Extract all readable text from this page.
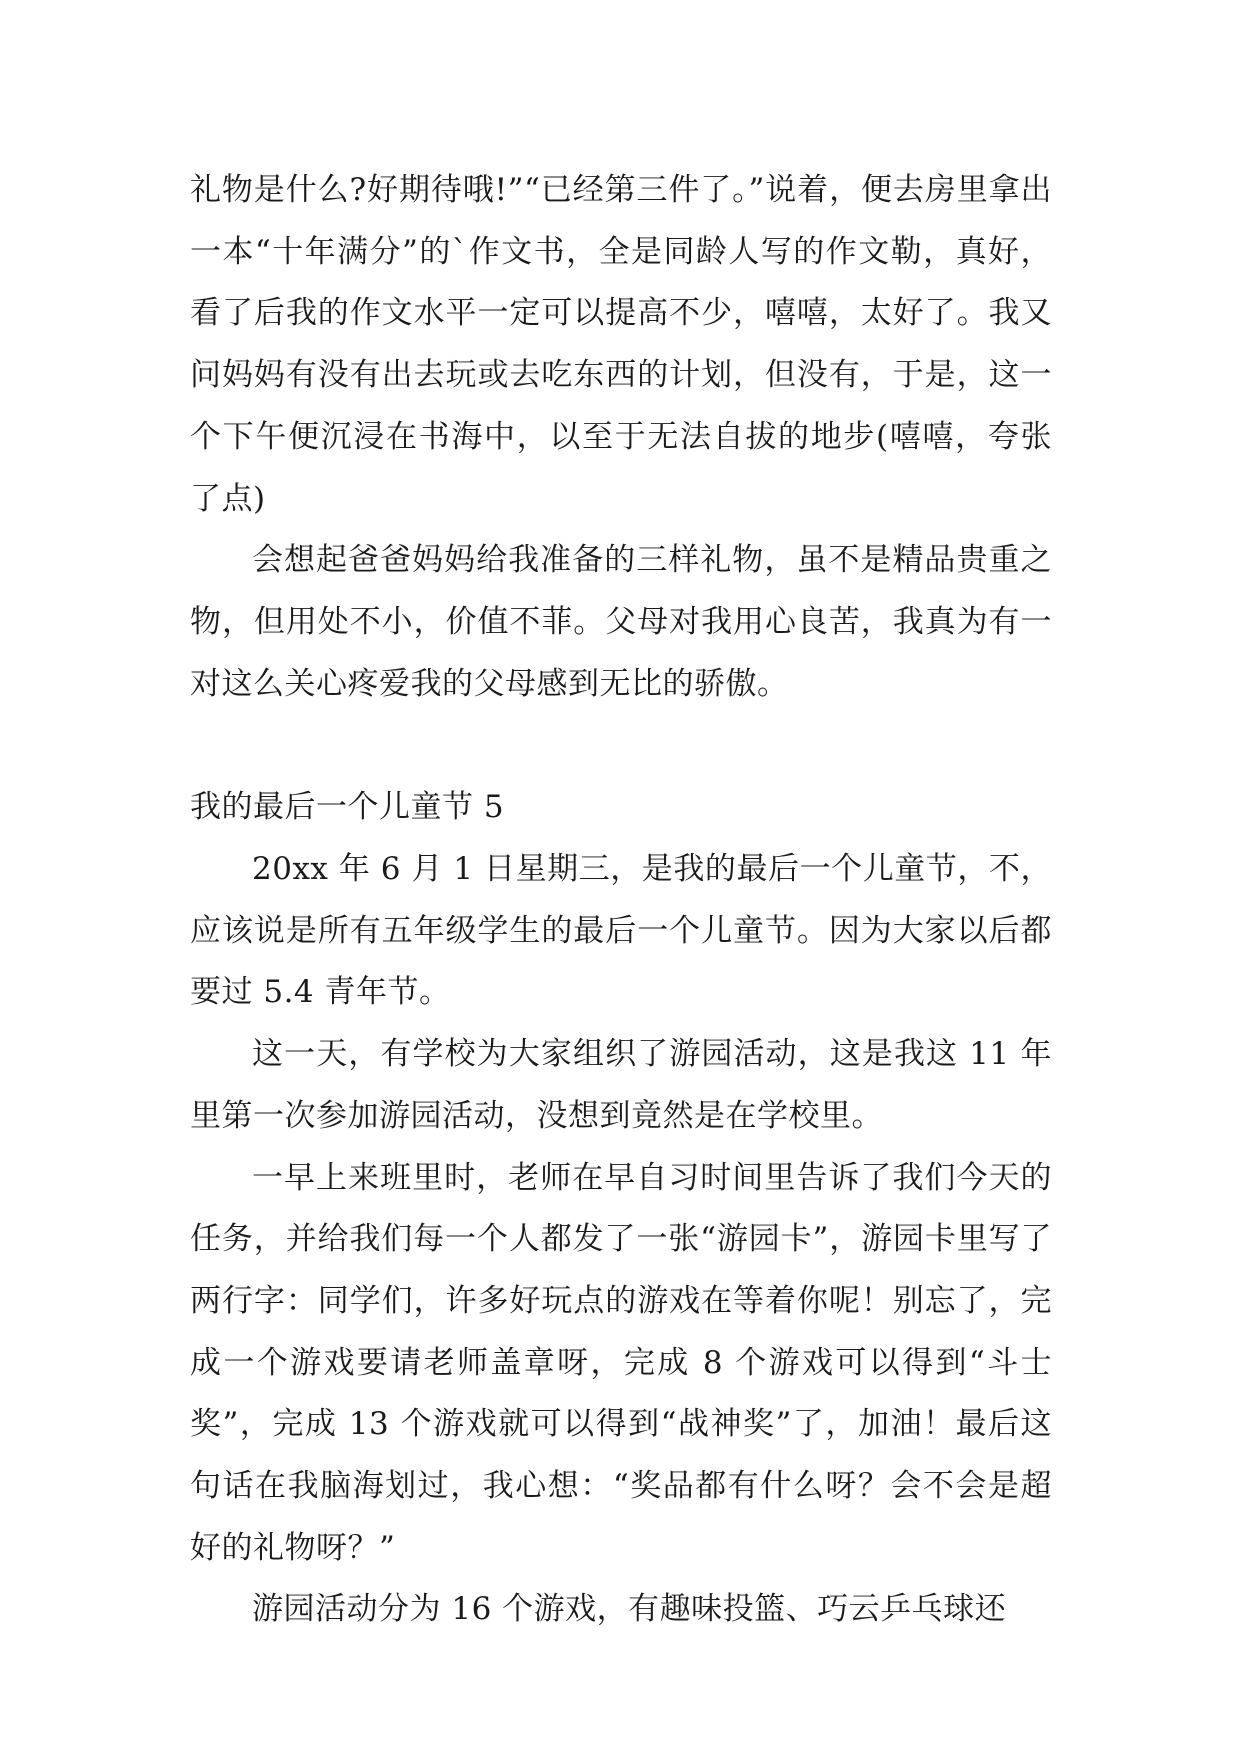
礼物是什么?好期待哦!”“已经第三件了。”说着，便去房里拿出一本“十年满分”的`作文书，全是同龄人写的作文勒，真好，看了后我的作文水平一定可以提高不少，嘻嘻，太好了。我又问妈妈有没有出去玩或去吃东西的计划，但没有，于是，这一个下午便沉浸在书海中，以至于无法自拔的地步(嘻嘻，夸张了点)

会想起爸爸妈妈给我准备的三样礼物，虽不是精品贵重之物，但用处不小，价值不菲。父母对我用心良苦，我真为有一对这么关心疼爱我的父母感到无比的骄傲。

我的最后一个儿童节 5

20xx 年 6 月 1 日星期三，是我的最后一个儿童节，不，应该说是所有五年级学生的最后一个儿童节。因为大家以后都要过 5.4 青年节。

这一天，有学校为大家组织了游园活动，这是我这 11 年里第一次参加游园活动，没想到竟然是在学校里。

一早上来班里时，老师在早自习时间里告诉了我们今天的任务，并给我们每一个人都发了一张“游园卡”，游园卡里写了两行字：同学们，许多好玩点的游戏在等着你呢！别忘了，完成一个游戏要请老师盖章呀，完成 8 个游戏可以得到“斗士奖”，完成 13 个游戏就可以得到“战神奖”了，加油！最后这句话在我脑海划过，我心想：“奖品都有什么呀？会不会是超好的礼物呀？”

游园活动分为 16 个游戏，有趣味投篮、巧云乒乓球还
